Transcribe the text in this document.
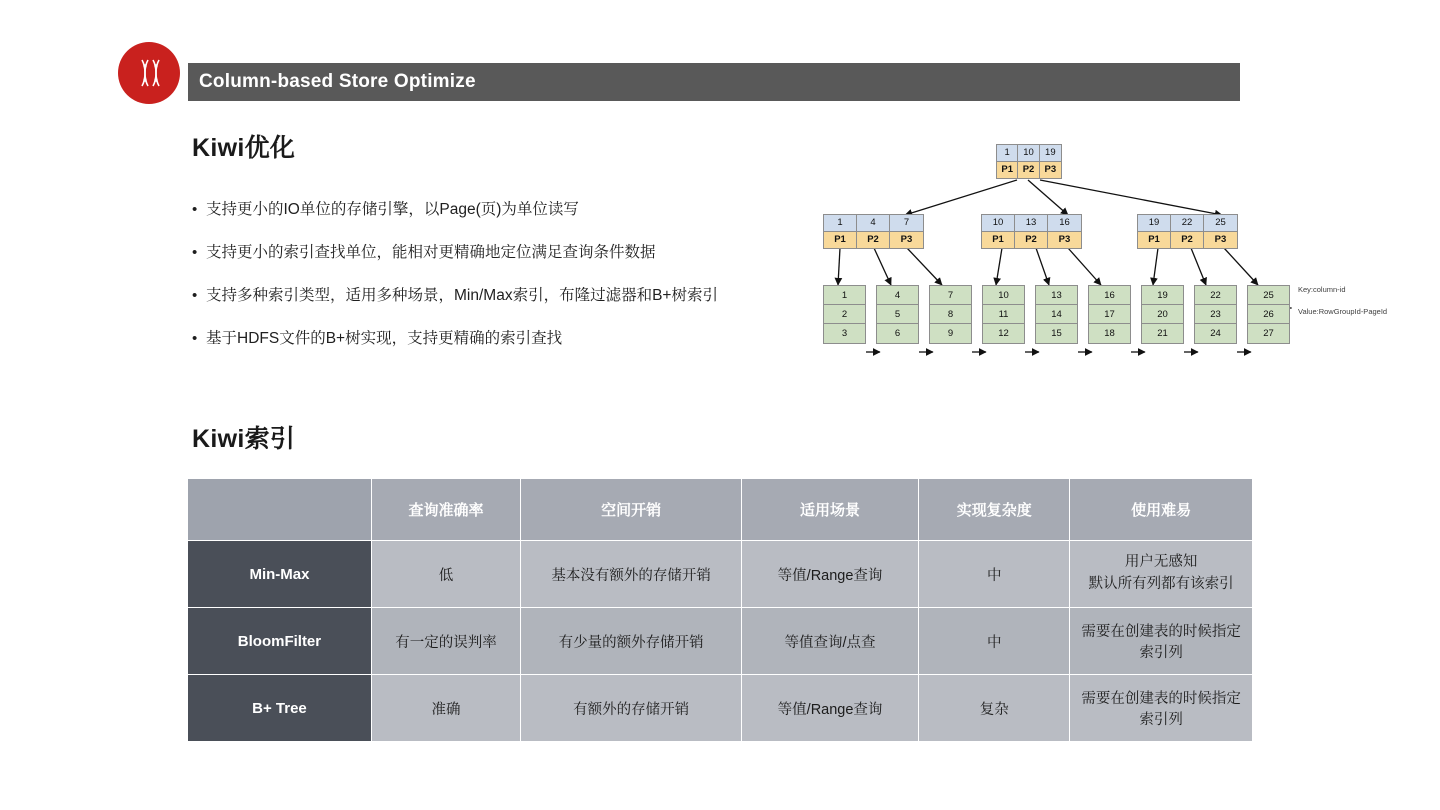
Column-based Store Optimize
Kiwi优化
• 支持更小的IO单位的存储引擎，以Page(页)为单位读写
• 支持更小的索引查找单位，能相对更精确地定位满足查询条件数据
• 支持多种索引类型，适用多种场景，Min/Max索引，布隆过滤器和B+树索引
• 基于HDFS文件的B+树实现，支持更精确的索引查找
1	10	19
P1	P2	P3
1	4	7
P1	P2	P3
10	13	16
P1	P2	P3
19	22	25
P1	P2	P3
1
2
3
4
5
6
7
8
9
10
11
12
13
14
15
16
17
18
19
20
21
22
23
24
25
26
27
Key:column-id
Value:RowGroupId-PageId
Kiwi索引
	查询准确率	空间开销	适用场景	实现复杂度	使用难易
Min-Max	低	基本没有额外的存储开销	等值/Range查询	中	用户无感知
默认所有列都有该索引

BloomFilter	有一定的误判率	有少量的额外存储开销	等值查询/点查	中	需要在创建表的时候指定索引列
B+ Tree	准确	有额外的存储开销	等值/Range查询	复杂	需要在创建表的时候指定索引列
